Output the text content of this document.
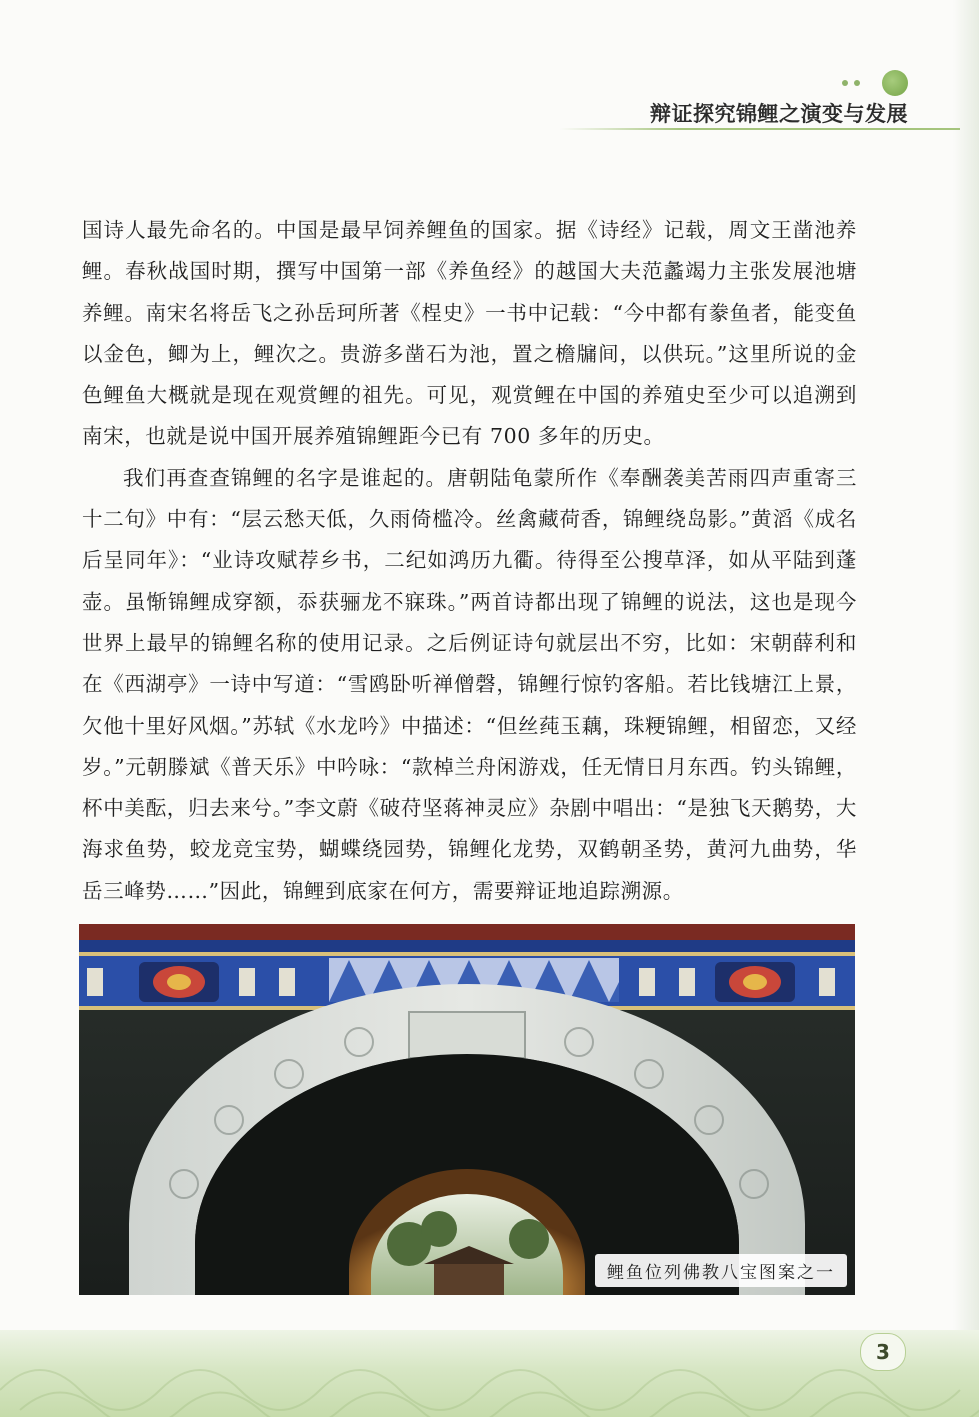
辩证探究锦鲤之演变与发展

国诗人最先命名的。中国是最早饲养鲤鱼的国家。据《诗经》记载，周文王凿池养鲤。春秋战国时期，撰写中国第一部《养鱼经》的越国大夫范蠡竭力主张发展池塘养鲤。南宋名将岳飞之孙岳珂所著《桯史》一书中记载：“今中都有豢鱼者，能变鱼以金色，鲫为上，鲤次之。贵游多凿石为池，置之檐牖间，以供玩。”这里所说的金色鲤鱼大概就是现在观赏鲤的祖先。可见，观赏鲤在中国的养殖史至少可以追溯到南宋，也就是说中国开展养殖锦鲤距今已有 700 多年的历史。

我们再查查锦鲤的名字是谁起的。唐朝陆龟蒙所作《奉酬袭美苦雨四声重寄三十二句》中有：“层云愁天低，久雨倚槛冷。丝禽藏荷香，锦鲤绕岛影。”黄滔《成名后呈同年》：“业诗攻赋荐乡书，二纪如鸿历九衢。待得至公搜草泽，如从平陆到蓬壶。虽惭锦鲤成穿额，忝获骊龙不寐珠。”两首诗都出现了锦鲤的说法，这也是现今世界上最早的锦鲤名称的使用记录。之后例证诗句就层出不穷，比如：宋朝薛利和在《西湖亭》一诗中写道：“雪鸥卧听禅僧磬，锦鲤行惊钓客船。若比钱塘江上景，欠他十里好风烟。”苏轼《水龙吟》中描述：“但丝莼玉藕，珠粳锦鲤，相留恋，又经岁。”元朝滕斌《普天乐》中吟咏：“款棹兰舟闲游戏，任无情日月东西。钓头锦鲤，杯中美酝，归去来兮。”李文蔚《破苻坚蒋神灵应》杂剧中唱出：“是独飞天鹅势，大海求鱼势，蛟龙竞宝势，蝴蝶绕园势，锦鲤化龙势，双鹤朝圣势，黄河九曲势，华岳三峰势……”因此，锦鲤到底家在何方，需要辩证地追踪溯源。

鲤鱼位列佛教八宝图案之一
3
